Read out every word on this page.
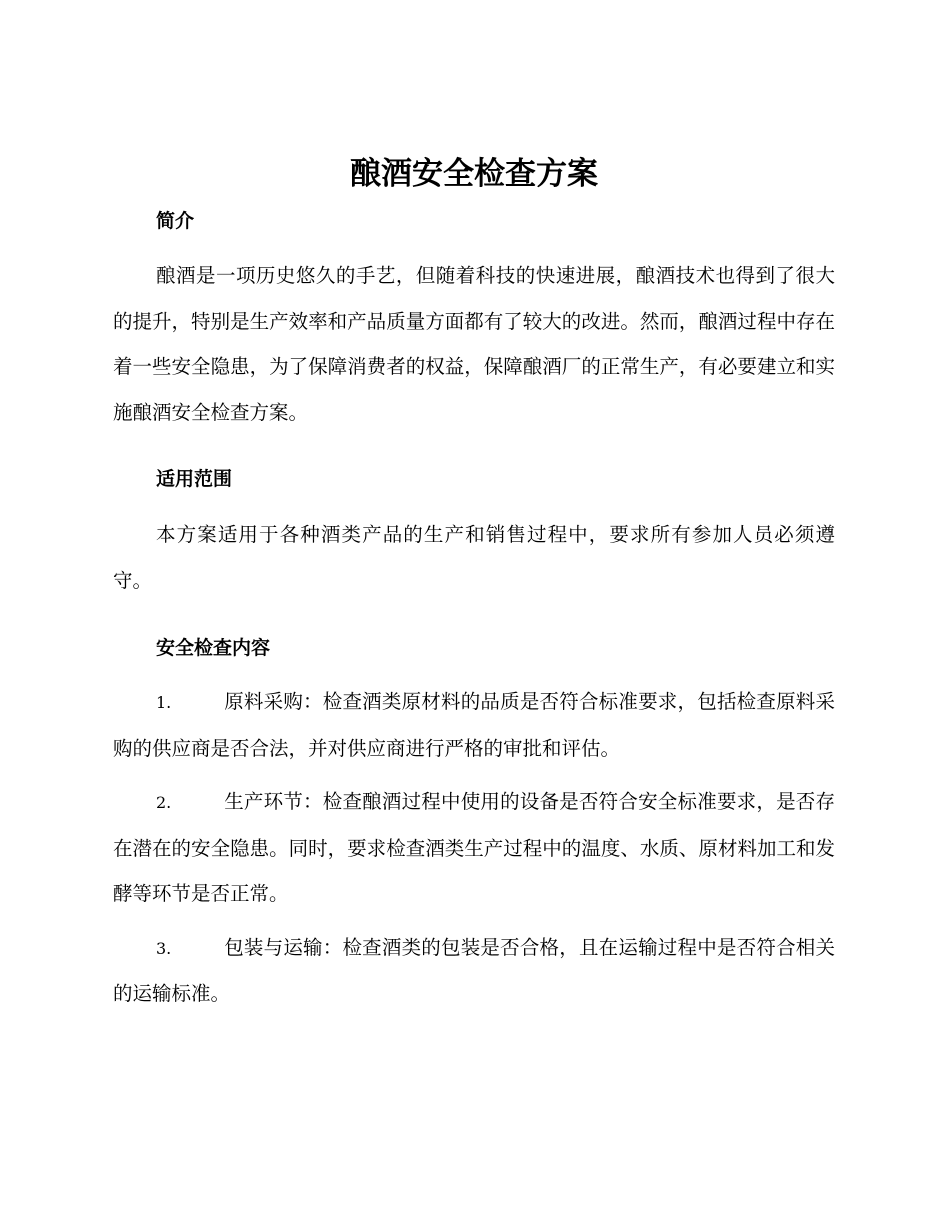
酿酒安全检查方案
简介

酿酒是一项历史悠久的手艺，但随着科技的快速进展，酿酒技术也得到了很大的提升，特别是生产效率和产品质量方面都有了较大的改进。然而，酿酒过程中存在着一些安全隐患，为了保障消费者的权益，保障酿酒厂的正常生产，有必要建立和实施酿酒安全检查方案。

适用范围

本方案适用于各种酒类产品的生产和销售过程中，要求所有参加人员必须遵守。

安全检查内容

1.	原料采购：检查酒类原材料的品质是否符合标准要求，包括检查原料采购的供应商是否合法，并对供应商进行严格的审批和评估。

2.	生产环节：检查酿酒过程中使用的设备是否符合安全标准要求，是否存在潜在的安全隐患。同时，要求检查酒类生产过程中的温度、水质、原材料加工和发酵等环节是否正常。

3.	包装与运输：检查酒类的包装是否合格，且在运输过程中是否符合相关的运输标准。
